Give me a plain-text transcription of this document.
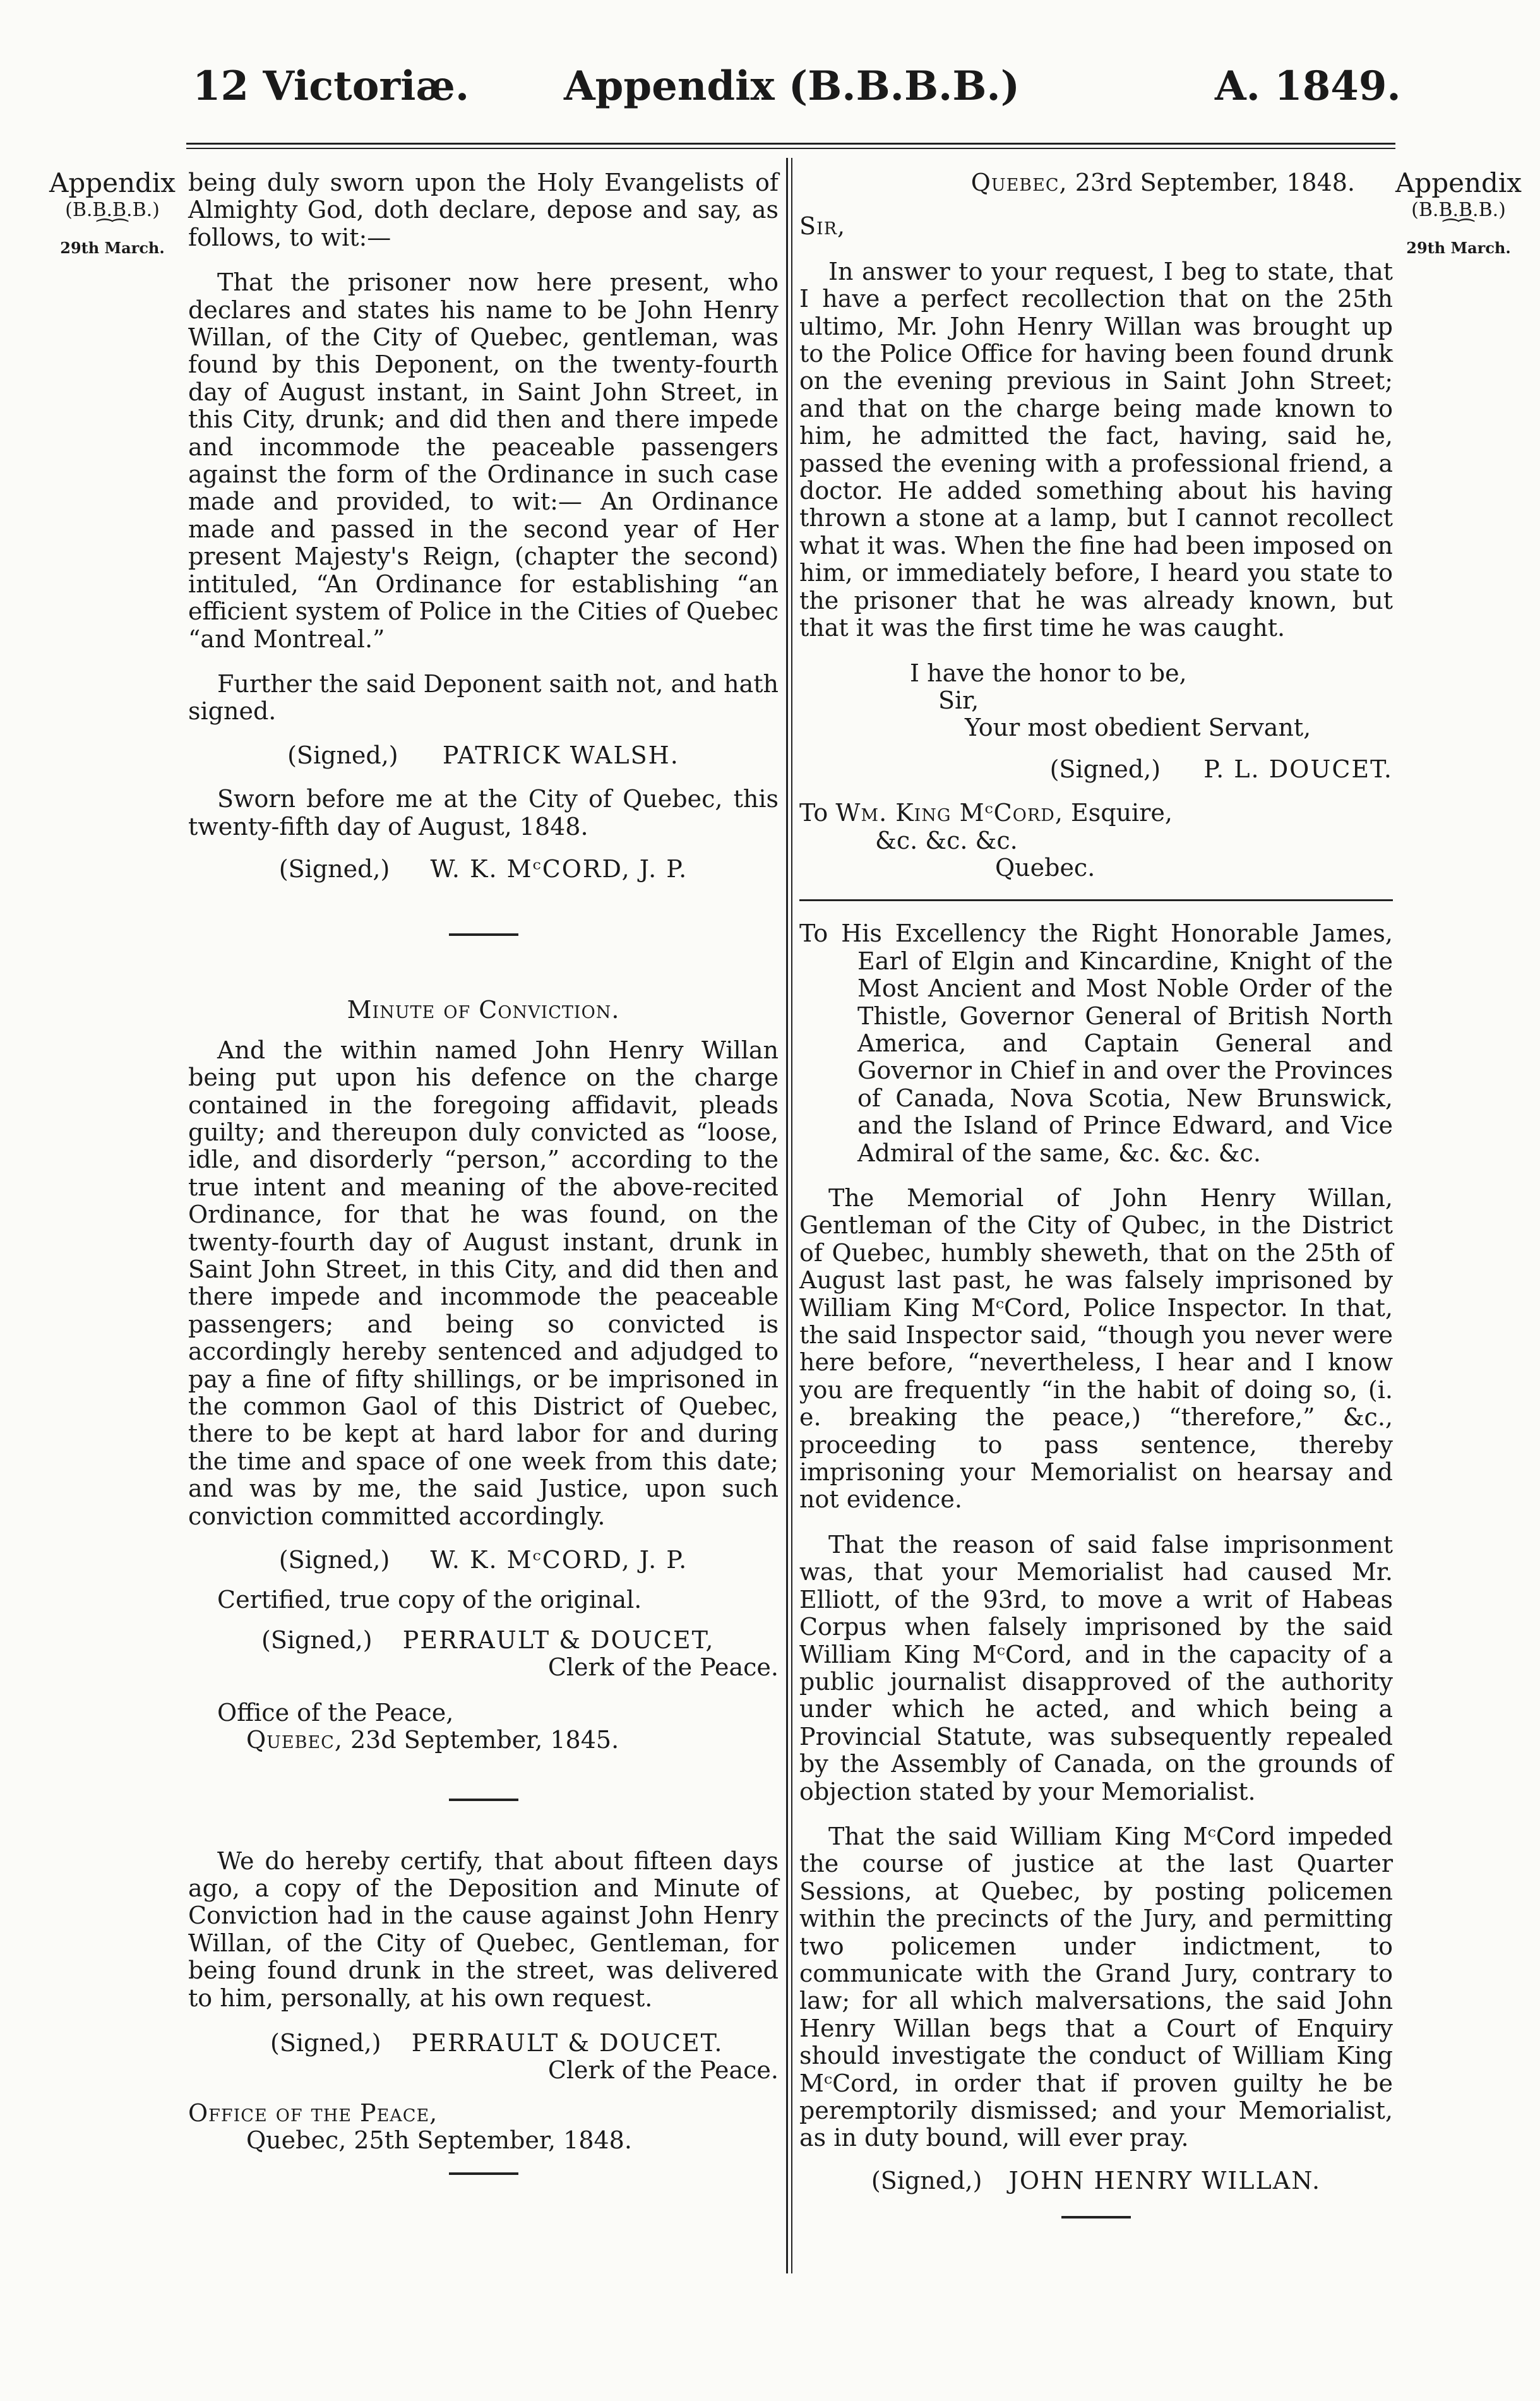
12 Victoriæ. Appendix (B.B.B.B.)	A. 1849.
Appendix
(B.B.B.B.)
⁀⁀
29th March.
Appendix
(B.B.B.B.)
⁀⁀
29th March.

being duly sworn upon the Holy Evangelists of Almighty God, doth declare, depose and say, as follows, to wit:—

That the prisoner now here present, who declares and states his name to be John Henry Willan, of the City of Quebec, gentleman, was found by this Deponent, on the twenty-fourth day of August instant, in Saint John Street, in this City, drunk; and did then and there impede and incommode the peaceable passengers against the form of the Ordinance in such case made and provided, to wit:— An Ordinance made and passed in the second year of Her present Majesty's Reign, (chapter the second) intituled, “An Ordinance for establishing “an efficient system of Police in the Cities of Quebec “and Montreal.”

Further the said Deponent saith not, and hath signed.

(Signed,) PATRICK WALSH.

Sworn before me at the City of Quebec, this twenty-fifth day of August, 1848.

(Signed,) W. K. MᶜCORD, J. P.

Minute of Conviction.

And the within named John Henry Willan being put upon his defence on the charge contained in the foregoing affidavit, pleads guilty; and thereupon duly convicted as “loose, idle, and disorderly “person,” according to the true intent and meaning of the above-recited Ordinance, for that he was found, on the twenty-fourth day of August instant, drunk in Saint John Street, in this City, and did then and there impede and incommode the peaceable passengers; and being so convicted is accordingly hereby sentenced and adjudged to pay a fine of fifty shillings, or be imprisoned in the common Gaol of this District of Quebec, there to be kept at hard labor for and during the time and space of one week from this date; and was by me, the said Justice, upon such conviction committed accordingly.

(Signed,) W. K. MᶜCORD, J. P.

Certified, true copy of the original.

(Signed,) PERRAULT & DOUCET,

Clerk of the Peace.

Office of the Peace,

Quebec, 23d September, 1845.

We do hereby certify, that about fifteen days ago, a copy of the Deposition and Minute of Conviction had in the cause against John Henry Willan, of the City of Quebec, Gentleman, for being found drunk in the street, was delivered to him, personally, at his own request.

(Signed,) PERRAULT & DOUCET.

Clerk of the Peace.

Office of the Peace,

Quebec, 25th September, 1848.

Quebec, 23rd September, 1848.

Sir,

In answer to your request, I beg to state, that I have a perfect recollection that on the 25th ultimo, Mr. John Henry Willan was brought up to the Police Office for having been found drunk on the evening previous in Saint John Street; and that on the charge being made known to him, he admitted the fact, having, said he, passed the evening with a professional friend, a doctor. He added something about his having thrown a stone at a lamp, but I cannot recollect what it was. When the fine had been imposed on him, or immediately before, I heard you state to the prisoner that he was already known, but that it was the first time he was caught.

I have the honor to be,

Sir,

Your most obedient Servant,

(Signed,) P. L. DOUCET.

To Wm. King MᶜCord, Esquire,

&c. &c. &c.

Quebec.

To His Excellency the Right Honorable James, Earl of Elgin and Kincardine, Knight of the Most Ancient and Most Noble Order of the Thistle, Governor General of British North America, and Captain General and Governor in Chief in and over the Provinces of Canada, Nova Scotia, New Brunswick, and the Island of Prince Edward, and Vice Admiral of the same, &c. &c. &c.

The Memorial of John Henry Willan, Gentleman of the City of Qubec, in the District of Quebec, humbly sheweth, that on the 25th of August last past, he was falsely imprisoned by William King MᶜCord, Police Inspector. In that, the said Inspector said, “though you never were here before, “nevertheless, I hear and I know you are frequently “in the habit of doing so, (i. e. breaking the peace,) “therefore,” &c., proceeding to pass sentence, thereby imprisoning your Memorialist on hearsay and not evidence.

That the reason of said false imprisonment was, that your Memorialist had caused Mr. Elliott, of the 93rd, to move a writ of Habeas Corpus when falsely imprisoned by the said William King MᶜCord, and in the capacity of a public journalist disapproved of the authority under which he acted, and which being a Provincial Statute, was subsequently repealed by the Assembly of Canada, on the grounds of objection stated by your Memorialist.

That the said William King MᶜCord impeded the course of justice at the last Quarter Sessions, at Quebec, by posting policemen within the precincts of the Jury, and permitting two policemen under indictment, to communicate with the Grand Jury, contrary to law; for all which malversations, the said John Henry Willan begs that a Court of Enquiry should investigate the conduct of William King MᶜCord, in order that if proven guilty he be peremptorily dismissed; and your Memorialist, as in duty bound, will ever pray.

(Signed,) JOHN HENRY WILLAN.
